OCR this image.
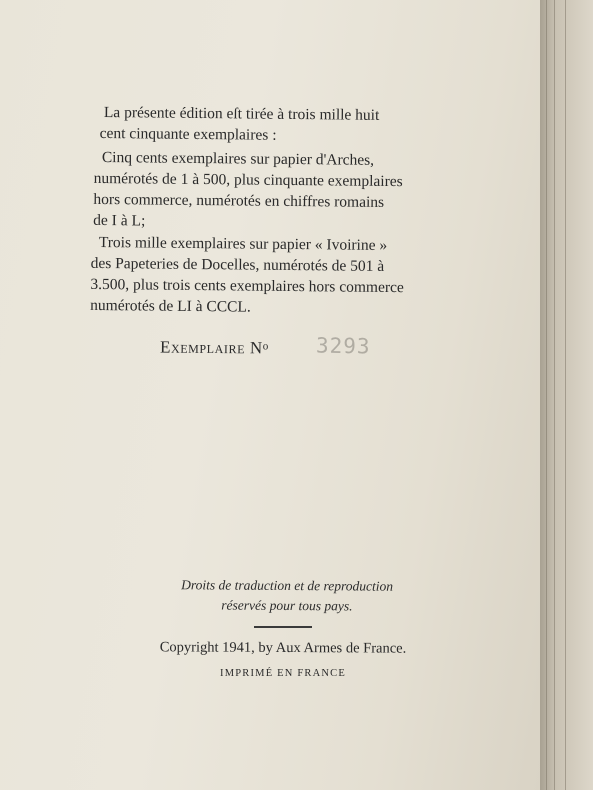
La présente édition eſt tirée à trois mille huit
cent cinquante exemplaires :
Cinq cents exemplaires sur papier d'Arches,
numérotés de 1 à 500, plus cinquante exemplaires
hors commerce, numérotés en chiffres romains
de I à L;
Trois mille exemplaires sur papier « Ivoirine »
des Papeteries de Docelles, numérotés de 501 à
3.500, plus trois cents exemplaires hors commerce
numérotés de LI à CCCL.
Exemplaire $N^o$ 3293
Droits de traduction et de reproduction
réservés pour tous pays.
Copyright 1941, by Aux Armes de France.
IMPRIMÉ EN FRANCE
